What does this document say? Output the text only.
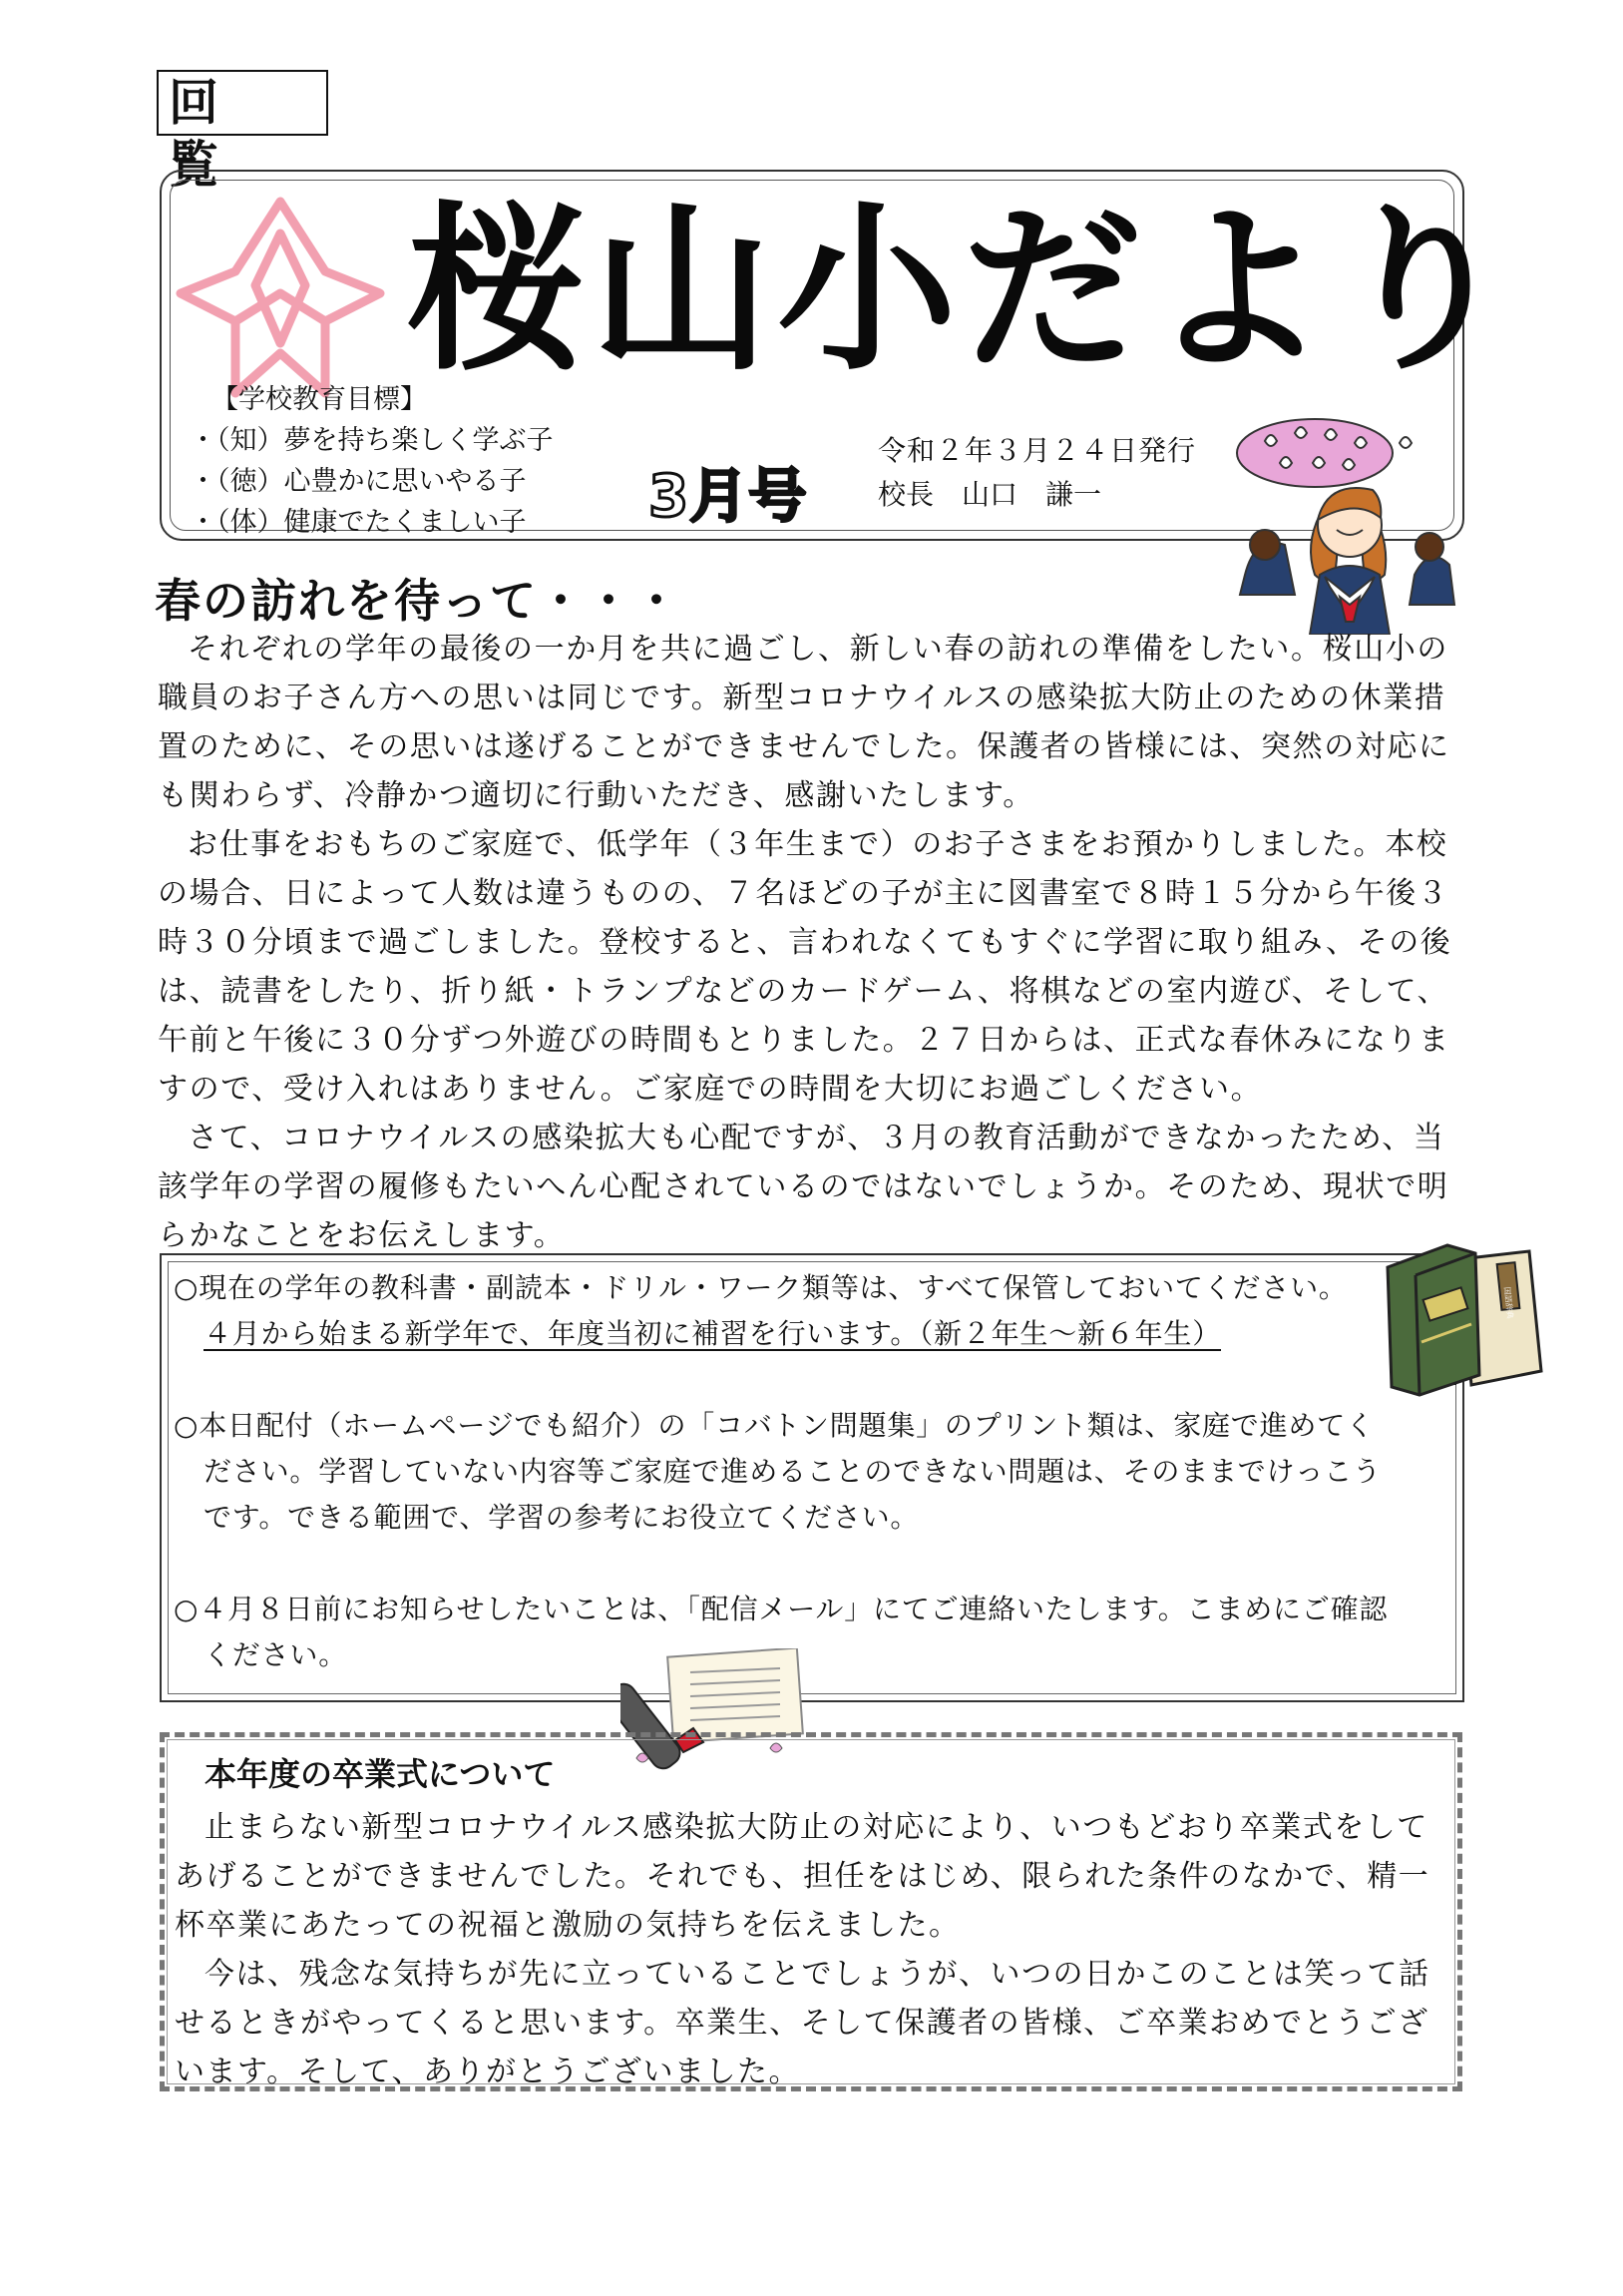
回　覧
桜山小だより
【学校教育目標】
・（知）夢を持ち楽しく学ぶ子
・（徳）心豊かに思いやる子
・（体）健康でたくましい子	3月号
令和２年３月２４日発行
校長　山口　謙一
春の訪れを待って・・・

それぞれの学年の最後の一か月を共に過ごし、新しい春の訪れの準備をしたい。桜山小の職員のお子さん方への思いは同じです。新型コロナウイルスの感染拡大防止のための休業措置のために、その思いは遂げることができませんでした。保護者の皆様には、突然の対応にも関わらず、冷静かつ適切に行動いただき、感謝いたします。

お仕事をおもちのご家庭で、低学年（３年生まで）のお子さまをお預かりしました。本校の場合、日によって人数は違うものの、７名ほどの子が主に図書室で８時１５分から午後３時３０分頃まで過ごしました。登校すると、言われなくてもすぐに学習に取り組み、その後は、読書をしたり、折り紙・トランプなどのカードゲーム、将棋などの室内遊び、そして、午前と午後に３０分ずつ外遊びの時間もとりました。２７日からは、正式な春休みになりますので、受け入れはありません。ご家庭での時間を大切にお過ごしください。

さて、コロナウイルスの感染拡大も心配ですが、３月の教育活動ができなかったため、当該学年の学習の履修もたいへん心配されているのではないでしょうか。そのため、現状で明らかなことをお伝えします。

○現在の学年の教科書・副読本・ドリル・ワーク類等は、すべて保管しておいてください。
４月から始まる新学年で、年度当初に補習を行います。（新２年生～新６年生）
○本日配付（ホームページでも紹介）の「コバトン問題集」のプリント類は、家庭で進めてく
ださい。学習していない内容等ご家庭で進めることのできない問題は、そのままでけっこう
です。できる範囲で、学習の参考にお役立てください。
○４月８日前にお知らせしたいことは、「配信メール」にてご連絡いたします。こまめにご確認
ください。
国語辞典
本年度の卒業式について

止まらない新型コロナウイルス感染拡大防止の対応により、いつもどおり卒業式をしてあげることができませんでした。それでも、担任をはじめ、限られた条件のなかで、精一杯卒業にあたっての祝福と激励の気持ちを伝えました。

今は、残念な気持ちが先に立っていることでしょうが、いつの日かこのことは笑って話せるときがやってくると思います。卒業生、そして保護者の皆様、ご卒業おめでとうございます。そして、ありがとうございました。
